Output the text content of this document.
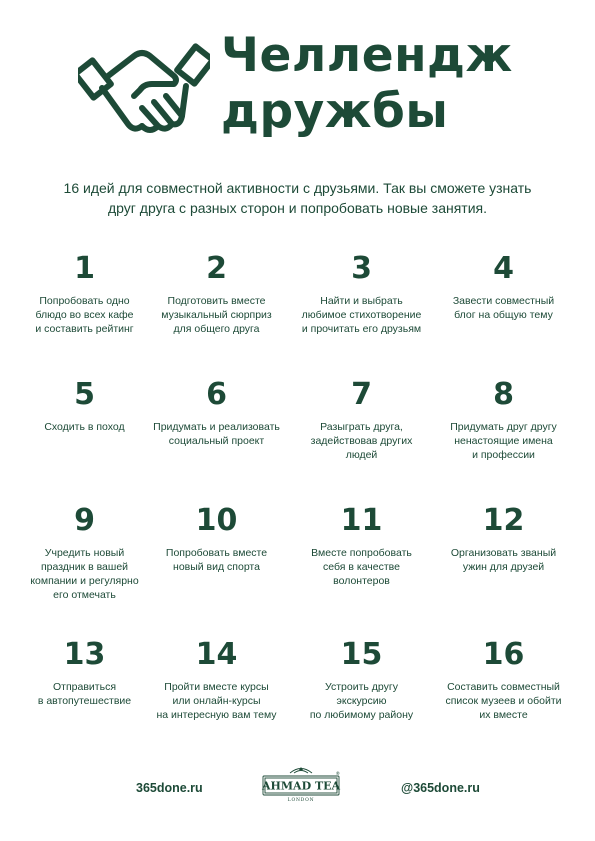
Челлендж
дружбы

16 идей для совместной активности с друзьями. Так вы сможете узнать
друг друга с разных сторон и попробовать новые занятия.

1
Попробовать одно
блюдо во всех кафе
и составить рейтинг
2
Подготовить вместе
музыкальный сюрприз
для общего друга
3
Найти и выбрать
любимое стихотворение
и прочитать его друзьям
4
Завести совместный
блог на общую тему
5
Сходить в поход
6
Придумать и реализовать
социальный проект
7
Разыграть друга,
задействовав других
людей
8
Придумать друг другу
ненастоящие имена
и профессии
9
Учредить новый
праздник в вашей
компании и регулярно
его отмечать
10
Попробовать вместе
новый вид спорта
11
Вместе попробовать
себя в качестве
волонтеров
12
Организовать званый
ужин для друзей
13
Отправиться
в автопутешествие
14
Пройти вместе курсы
или онлайн-курсы
на интересную вам тему
15
Устроить другу
экскурсию
по любимому району
16
Составить совместный
список музеев и обойти
их вместе
365done.ru	AHMAD TEA
LONDON
®
@365done.ru
